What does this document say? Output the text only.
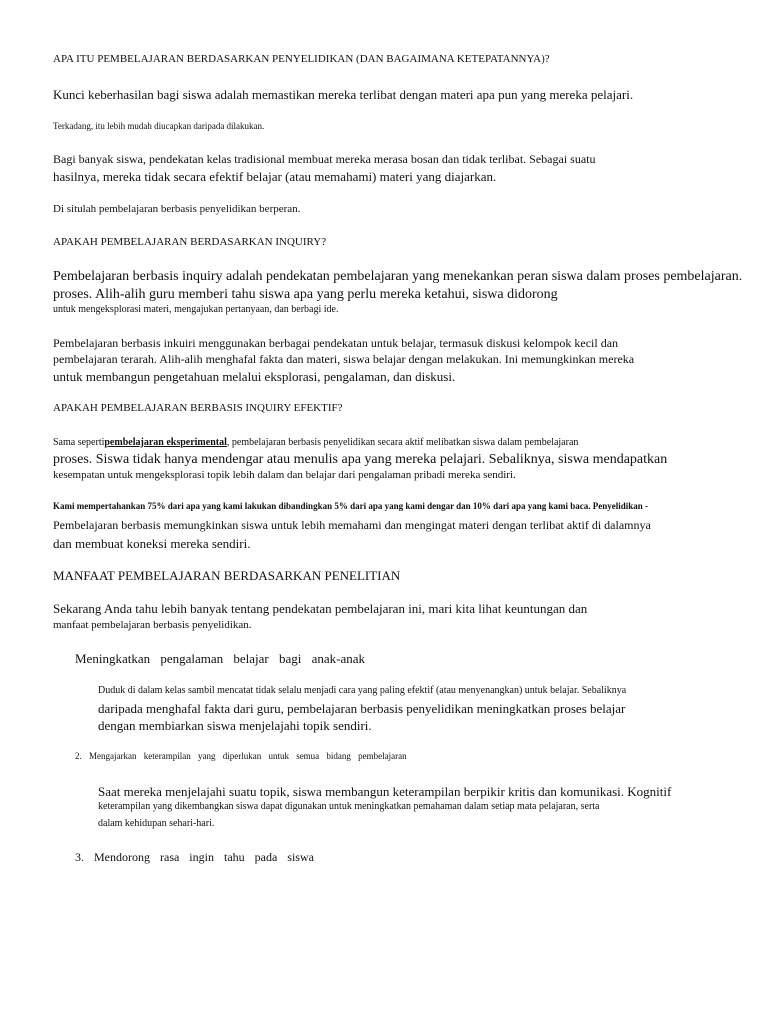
APA ITU PEMBELAJARAN BERDASARKAN PENYELIDIKAN (DAN BAGAIMANA KETEPATANNYA)?
Kunci keberhasilan bagi siswa adalah memastikan mereka terlibat dengan materi apa pun yang mereka pelajari.
Terkadang, itu lebih mudah diucapkan daripada dilakukan.
Bagi banyak siswa, pendekatan kelas tradisional membuat mereka merasa bosan dan tidak terlibat. Sebagai suatu
hasilnya, mereka tidak secara efektif belajar (atau memahami) materi yang diajarkan.
Di situlah pembelajaran berbasis penyelidikan berperan.
APAKAH PEMBELAJARAN BERDASARKAN INQUIRY?
Pembelajaran berbasis inquiry adalah pendekatan pembelajaran yang menekankan peran siswa dalam proses pembelajaran.
proses. Alih-alih guru memberi tahu siswa apa yang perlu mereka ketahui, siswa didorong
untuk mengeksplorasi materi, mengajukan pertanyaan, dan berbagi ide.
Pembelajaran berbasis inkuiri menggunakan berbagai pendekatan untuk belajar, termasuk diskusi kelompok kecil dan
pembelajaran terarah. Alih-alih menghafal fakta dan materi, siswa belajar dengan melakukan. Ini memungkinkan mereka
untuk membangun pengetahuan melalui eksplorasi, pengalaman, dan diskusi.
APAKAH PEMBELAJARAN BERBASIS INQUIRY EFEKTIF?
Sama sepertipembelajaran eksperimental, pembelajaran berbasis penyelidikan secara aktif melibatkan siswa dalam pembelajaran
proses. Siswa tidak hanya mendengar atau menulis apa yang mereka pelajari. Sebaliknya, siswa mendapatkan
kesempatan untuk mengeksplorasi topik lebih dalam dan belajar dari pengalaman pribadi mereka sendiri.
Kami mempertahankan 75% dari apa yang kami lakukan dibandingkan 5% dari apa yang kami dengar dan 10% dari apa yang kami baca. Penyelidikan -
Pembelajaran berbasis memungkinkan siswa untuk lebih memahami dan mengingat materi dengan terlibat aktif di dalamnya
dan membuat koneksi mereka sendiri.
MANFAAT PEMBELAJARAN BERDASARKAN PENELITIAN
Sekarang Anda tahu lebih banyak tentang pendekatan pembelajaran ini, mari kita lihat keuntungan dan
manfaat pembelajaran berbasis penyelidikan.
Meningkatkan pengalaman belajar bagi anak-anak
Duduk di dalam kelas sambil mencatat tidak selalu menjadi cara yang paling efektif (atau menyenangkan) untuk belajar. Sebaliknya
daripada menghafal fakta dari guru, pembelajaran berbasis penyelidikan meningkatkan proses belajar
dengan membiarkan siswa menjelajahi topik sendiri.
2. Mengajarkan keterampilan yang diperlukan untuk semua bidang pembelajaran
Saat mereka menjelajahi suatu topik, siswa membangun keterampilan berpikir kritis dan komunikasi. Kognitif
keterampilan yang dikembangkan siswa dapat digunakan untuk meningkatkan pemahaman dalam setiap mata pelajaran, serta
dalam kehidupan sehari-hari.
3. Mendorong rasa ingin tahu pada siswa
